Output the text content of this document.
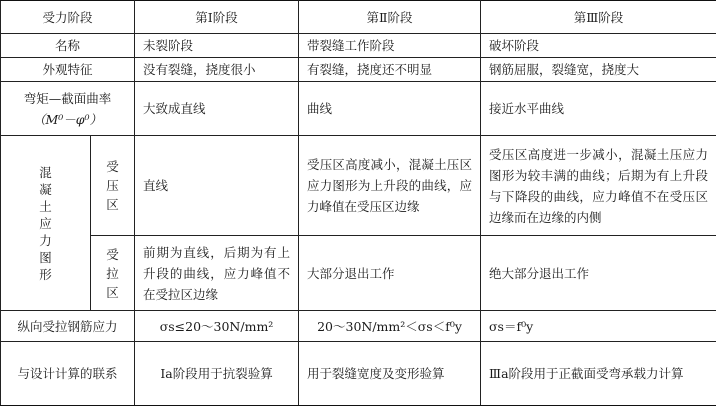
受力阶段		第Ⅰ阶段	第Ⅱ阶段	第Ⅲ阶段
名称		未裂阶段	带裂缝工作阶段	破坏阶段
外观特征		没有裂缝，挠度很小	有裂缝，挠度还不明显	钢筋屈服，裂缝宽，挠度大

弯矩—截面曲率
（M⁰－φ⁰）		大致成直线	曲线	接近水平曲线

混凝土应力图形	受压区	直线	受压区高度减小，混凝土压区应力图形为上升段的曲线，应力峰值在受压区边缘	受压区高度进一步减小，混凝土压应力图形为较丰满的曲线；后期为有上升段与下降段的曲线，应力峰值不在受压区边缘而在边缘的内侧

	受拉区	前期为直线，后期为有上升段的曲线，应力峰值不在受拉区边缘	大部分退出工作	绝大部分退出工作
纵向受拉钢筋应力		σs≤20～30N/mm²	20～30N/mm²＜σs＜f⁰y	σs＝f⁰y
与设计计算的联系		Ⅰa阶段用于抗裂验算	用于裂缝宽度及变形验算	Ⅲa阶段用于正截面受弯承载力计算
